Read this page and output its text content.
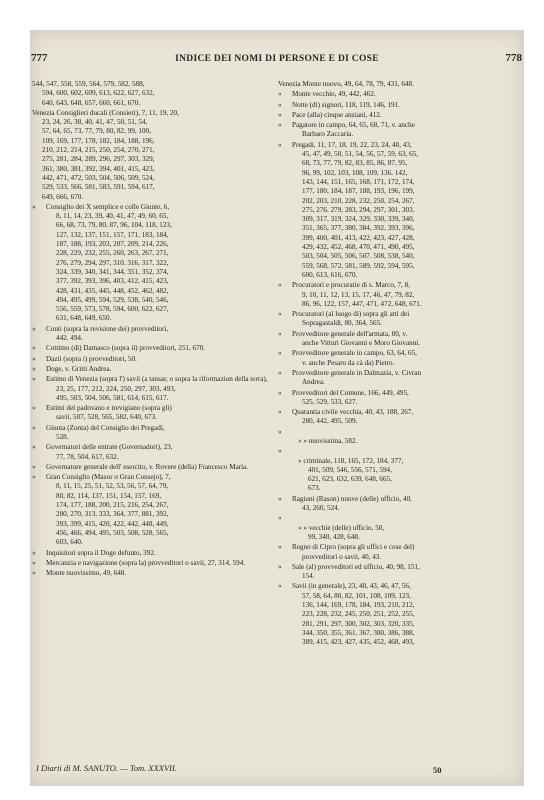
777	INDICE DEI NOMI DI PERSONE E DI COSE	778
544, 547, 558, 559, 564, 579, 582, 588,
594, 600, 602, 609, 613, 622, 627, 632,
640, 643, 648, 657, 660, 661, 670.
Venezia Consiglieri ducali (Consieri), 7, 11, 19, 20,
23, 24, 26, 38, 40, 41, 47, 50, 51, 54,
57, 64, 65, 73, 77, 79, 80, 82, 99, 100,
109, 169, 177, 178, 182, 184, 188, 196,
210, 212, 214, 215, 250, 254, 270, 271,
275, 281, 284, 289, 296, 297, 303, 329,
361, 380, 381, 392, 394, 401, 415, 423,
442, 471, 472, 503, 504, 506, 509, 524,
529, 533, 566, 581, 583, 591, 594, 617,
649, 666, 670.
»	Consiglio dei X semplice e colle Giunte, 6,
8, 11, 14, 23, 39, 40, 41, 47, 49, 60, 65,
66, 68, 73, 79, 80, 87, 96, 104, 118, 123,
127, 132, 137, 151, 157, 171, 183, 184,
187, 188, 193, 203, 207, 209, 214, 226,
228, 229, 232, 255, 260, 263, 267, 271,
276, 279, 294, 297, 310. 316, 317, 322,
324, 339, 340, 341, 344, 351, 352, 374,
377, 392, 393, 396, 403, 412, 415, 423,
428, 431, 435, 445, 448, 452, 462, 482,
494, 495, 499, 594, 529, 538, 540, 546,
556, 559, 573, 578, 594, 600, 622, 627,
631, 648, 649, 650.
»	Conti (sopra la revisione dei) provveditori,
442. 494.
»	Cottimo (di) Damasco (sopra il) provveditori, 251, 670.
»	Dazii (sopra i) provveditori, 50.
»	Doge, v. Gritti Andrea.
»	Estimo di Venezia (sopra l') savii (a tansar, o sopra la riformazion della terra),
23, 25, 177, 212, 224, 250, 297, 303, 493,
495, 503, 504, 506, 581, 614, 615, 617.
»	Estimi del padovano e trevigiano (sopra gli)
savii, 507, 528, 565, 582, 640, 673.
»	Giunta (Zonta) del Consiglio dei Pregadi,
528.
»	Governatori delle entrate (Governadori), 23,
77, 78, 504, 617, 632.
»	Governatore generale dell' esercito, v. Rovere (della) Francesco Maria.
»	Gran Consiglio (Mazor o Gran Consejo), 7,
8, 11, 15, 25, 51, 52, 53, 56, 57, 64, 79,
80, 82, 114, 137, 151, 154, 157, 169,
174, 177, 188, 200, 215, 216, 254, 267,
280, 270, 313, 333, 364, 377, 881, 392,
393, 399, 415, 420, 422, 442, 448, 449,
456, 466, 494, 495, 503, 508, 528, 565,
603, 640.
»	Inquisitori sopra il Doge defunto, 392.
»	Mercanzia e navigazione (sopra la) provveditori o savii, 27, 314, 594.
»	Monte nuovissimo, 49, 648.
Venezia Monte nuovo, 49, 64, 78, 79, 431, 648.
»	Monte vecchio, 49, 442, 462.
»	Notte (di) signori, 118, 119, 146, 191.
»	Pace (alla) cinque anziani, 412.
»	Pagatore in campo, 64, 65, 68, 71, v. anche
Barbaro Zaccaria.
»	Pregadi, 11, 17, 18, 19, 22, 23, 24, 40, 43,
45, 47, 49, 50, 51, 54, 56, 57, 59, 63, 65,
68, 73, 77, 79, 82, 83, 85, 86, 87, 95,
96, 99, 102, 103, 108, 109, 136. 142,
143, 144, 151, 165, 168, 171, 172, 174,
177, 180, 184, 187, 188, 193, 196, 199,
202, 203, 210, 228, 232, 250, 254, 267,
275, 276. 279, 283, 294, 297, 301, 303.
309, 317, 319, 324, 329, 330, 339, 340,
351, 365, 377, 380, 384, 392, 393, 396,
399, 400, 401, 413, 422, 423, 427, 428,
429, 432, 452, 468, 470, 471, 490, 495,
503, 504, 505, 506, 507. 508, 538, 540,
559, 568, 572, 581, 589, 592, 594, 595,
600, 613, 616, 670.
»	Procuratori e procuratie di s. Marco, 7, 8,
9, 10, 11, 12, 13, 15, 17, 46, 47, 79, 82,
86, 96, 122, 157, 447, 471, 472, 648, 671.
»	Procuratori (al luogo di) sopra gli atti dei
Sopragastaldi, 80, 364, 565.
»	Provveditore generale dell'armata, 80, v.
anche Vitturi Giovanni e Moro Giovanni.
»	Provveditore generale in campo, 63, 64, 65,
v. anche Pesaro da cà da) Pietro.
»	Provveditore generale in Dalmazia, v. Civran
Andrea.
»	Provveditori del Comune, 166, 449, 495,
525, 529, 533, 627.
»	Quarantia civile vecchia, 40, 43, 188, 267,
280, 442, 495, 509.
»
» » nuovissima, 582.
»
» criminale, 118, 165, 172, 184, 377,
401, 509, 546, 556, 571, 594,
621, 623, 632, 639, 648, 665,
673.
»	Ragioni (Rason) nuove (delle) ufficio, 40,
43, 260, 524.
»
» » vecchie (delle) ufficio, 50,
99, 340, 428, 648.
»	Regno di Cipro (sopra gli uffici e cose del)
provveditori o savii, 40, 43.
»	Sale (al) provveditori ed ufficio, 40, 98, 151,
154.
»	Savii (in generale), 23, 40, 43, 46, 47, 56,
57, 58, 64, 80, 82, 101, 108, 109, 123,
136, 144, 169, 178, 184, 193, 210, 212,
223, 228, 232, 245, 250, 251, 252, 255,
281, 291, 297, 300, 302, 303, 320, 335,
344, 350, 355, 361, 367, 380, 386, 388,
389, 415, 423, 427, 435, 452, 468, 493,
I Diarii di M. SANUTO. — Tom. XXXVII.	50
